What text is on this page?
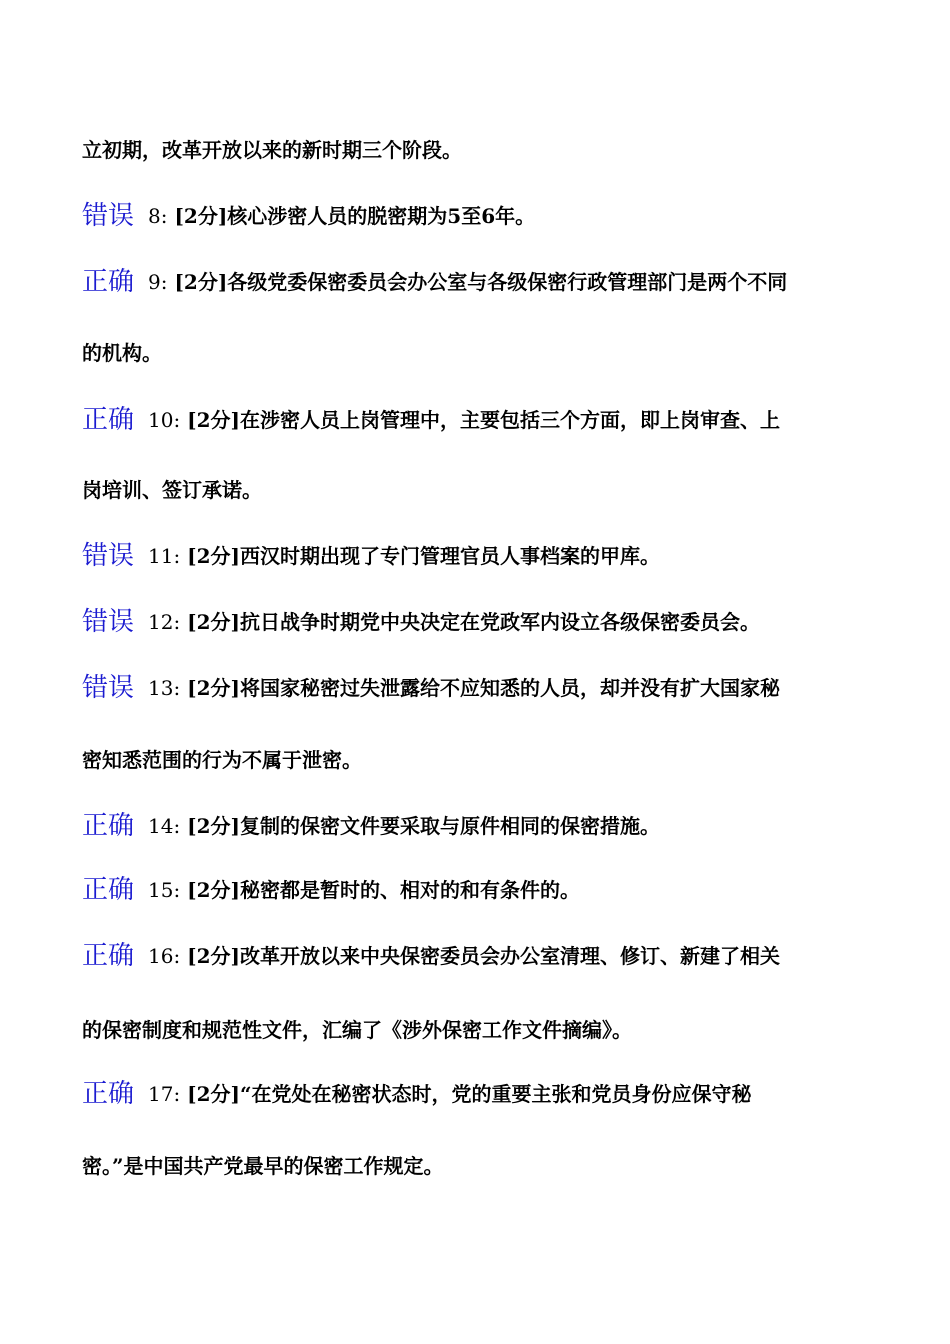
立初期，改革开放以来的新时期三个阶段。
错误 8: [2分]核心涉密人员的脱密期为5至6年。
正确 9: [2分]各级党委保密委员会办公室与各级保密行政管理部门是两个不同
的机构。
正确 10: [2分]在涉密人员上岗管理中，主要包括三个方面，即上岗审查、上
岗培训、签订承诺。
错误 11: [2分]西汉时期出现了专门管理官员人事档案的甲库。
错误 12: [2分]抗日战争时期党中央决定在党政军内设立各级保密委员会。
错误 13: [2分]将国家秘密过失泄露给不应知悉的人员，却并没有扩大国家秘
密知悉范围的行为不属于泄密。
正确 14: [2分]复制的保密文件要采取与原件相同的保密措施。
正确 15: [2分]秘密都是暂时的、相对的和有条件的。
正确 16: [2分]改革开放以来中央保密委员会办公室清理、修订、新建了相关
的保密制度和规范性文件，汇编了《涉外保密工作文件摘编》。
正确 17: [2分]“在党处在秘密状态时，党的重要主张和党员身份应保守秘
密。”是中国共产党最早的保密工作规定。
